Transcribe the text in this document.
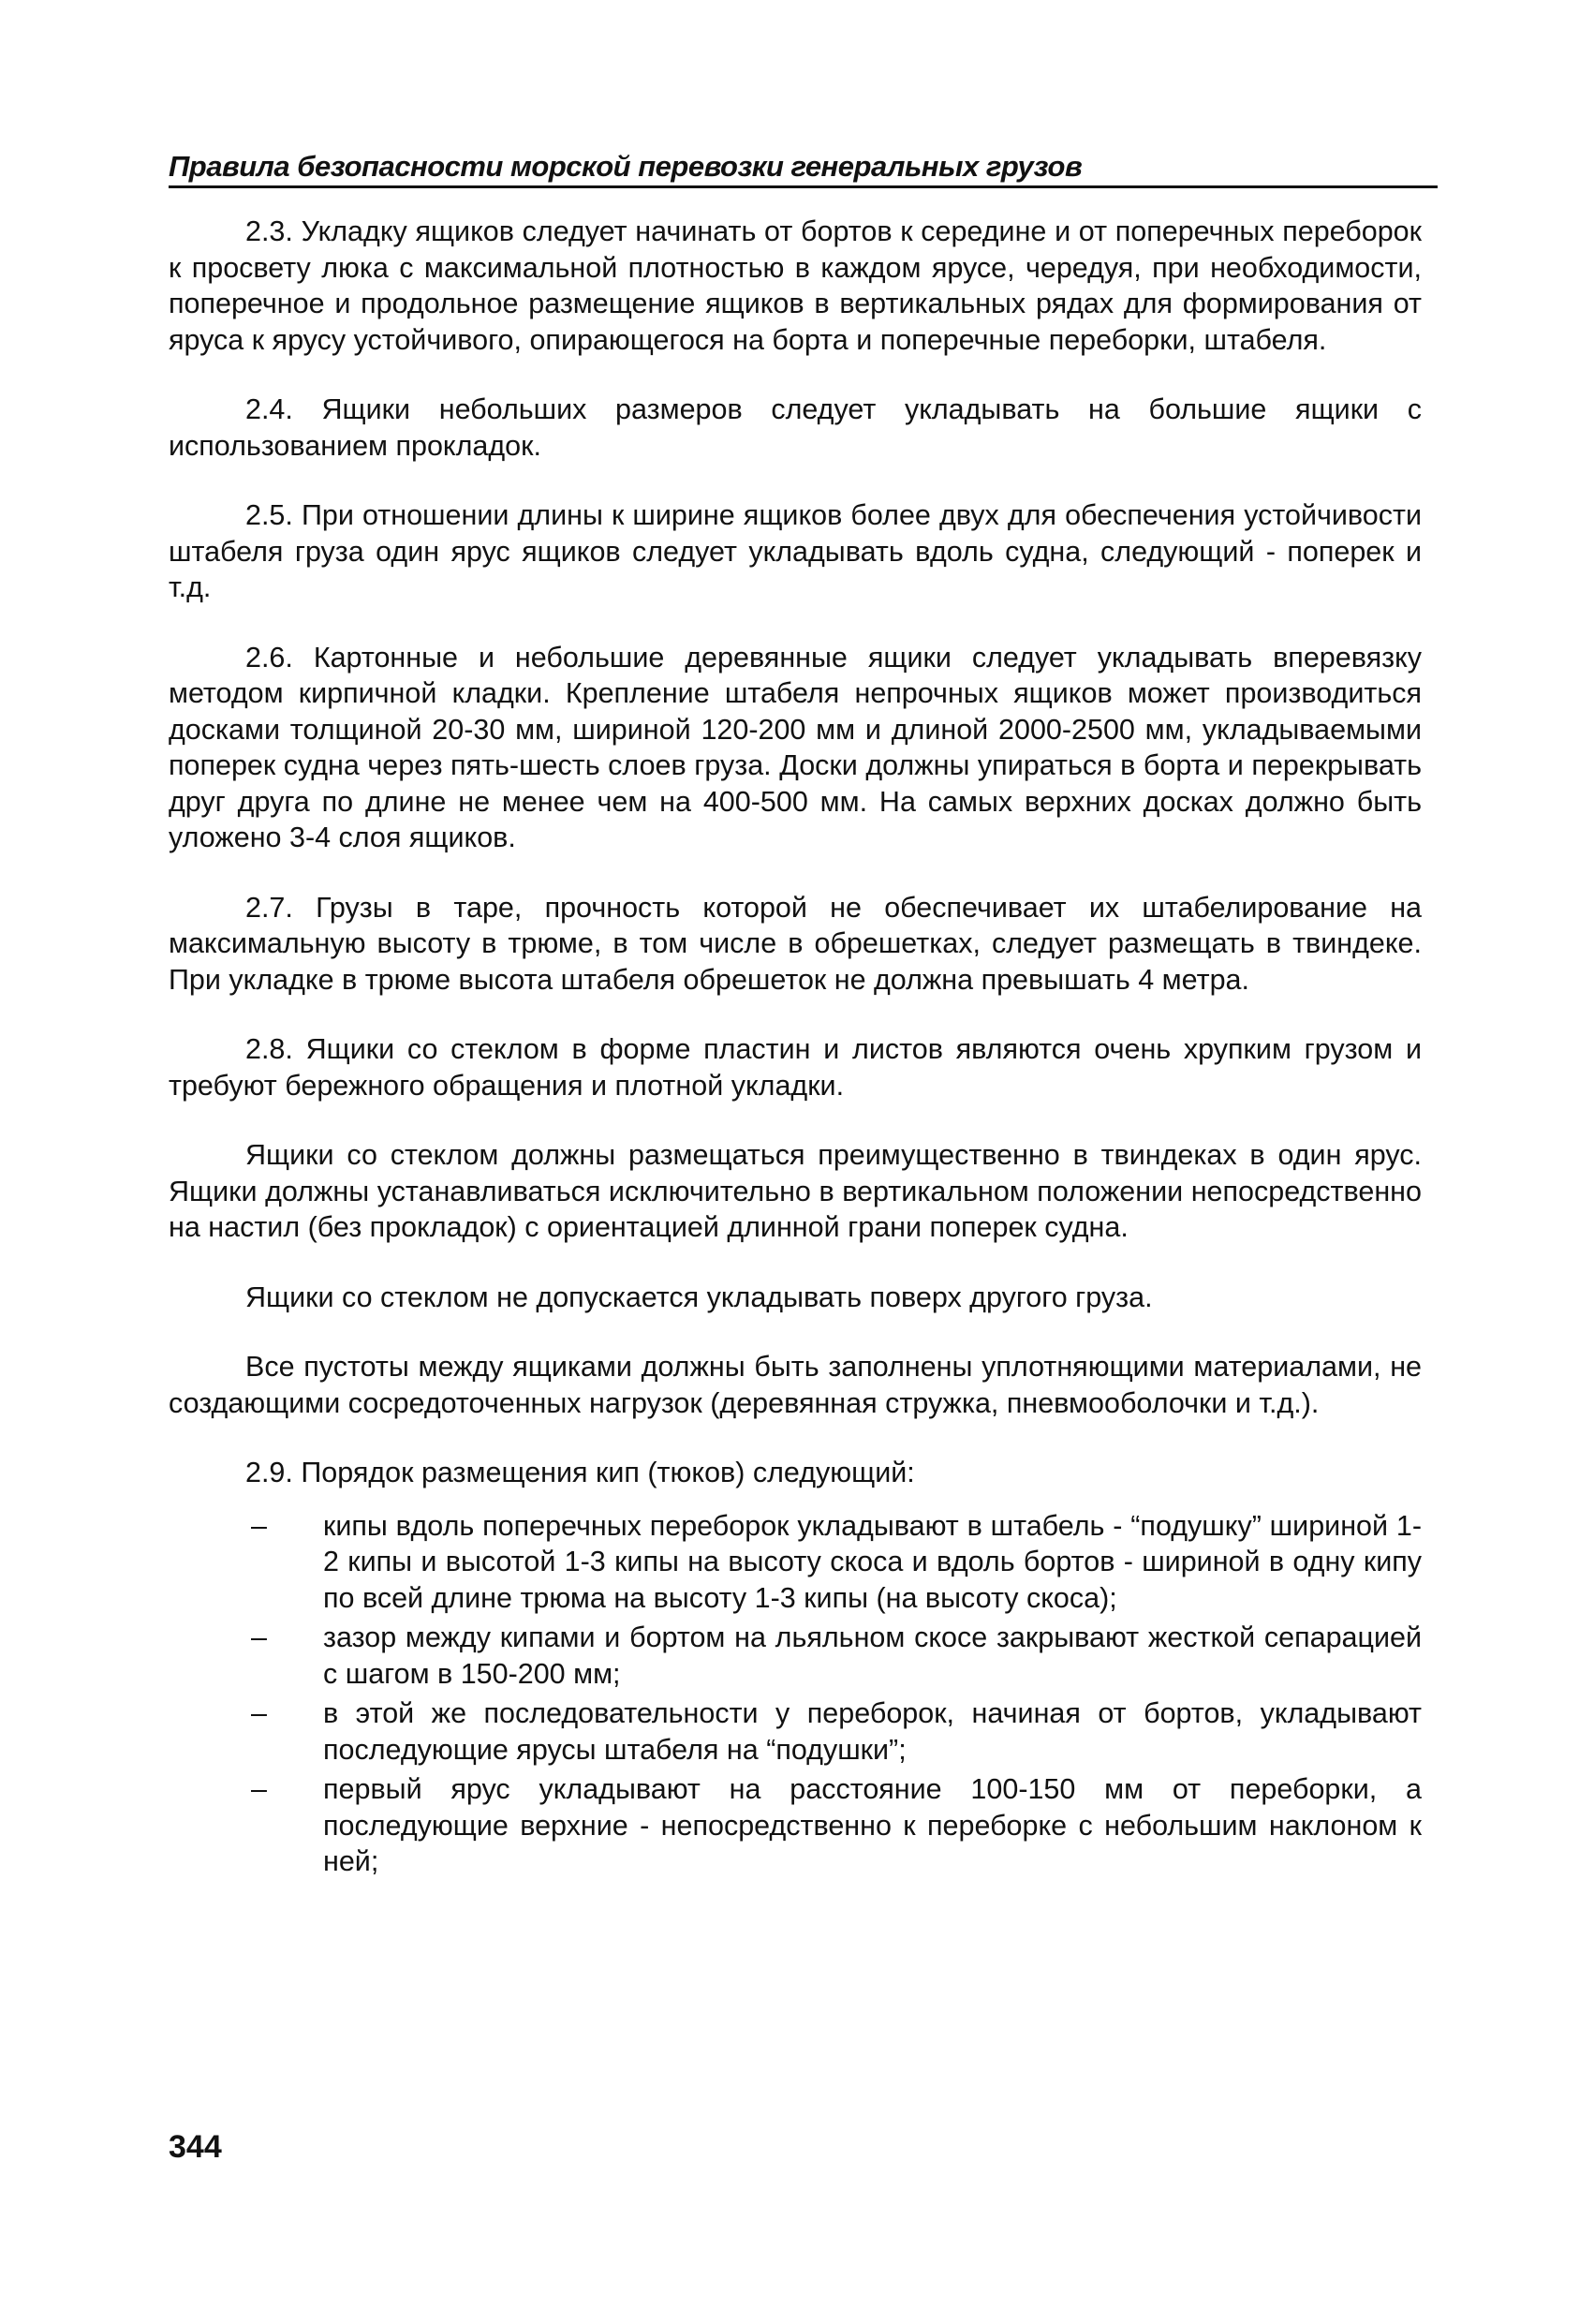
Правила безопасности морской перевозки генеральных грузов

2.3. Укладку ящиков следует начинать от бортов к середине и от поперечных переборок к просвету люка с максимальной плотностью в каждом ярусе, чередуя, при необходимости, поперечное и продольное размещение ящиков в вертикальных рядах для формирования от яруса к ярусу устойчивого, опирающегося на борта и поперечные переборки, штабеля.

2.4. Ящики небольших размеров следует укладывать на большие ящики с использованием прокладок.

2.5. При отношении длины к ширине ящиков более двух для обеспечения устойчивости штабеля груза один ярус ящиков следует укладывать вдоль судна, следующий - поперек и т.д.

2.6. Картонные и небольшие деревянные ящики следует укладывать вперевязку методом кирпичной кладки. Крепление штабеля непрочных ящиков может производиться досками толщиной 20-30 мм, шириной 120-200 мм и длиной 2000-2500 мм, укладываемыми поперек судна через пять-шесть слоев груза. Доски должны упираться в борта и перекрывать друг друга по длине не менее чем на 400-500 мм. На самых верхних досках должно быть уложено 3-4 слоя ящиков.

2.7. Грузы в таре, прочность которой не обеспечивает их штабелирование на максимальную высоту в трюме, в том числе в обрешетках, следует размещать в твиндеке. При укладке в трюме высота штабеля обрешеток не должна превышать 4 метра.

2.8. Ящики со стеклом в форме пластин и листов являются очень хрупким грузом и требуют бережного обращения и плотной укладки.

Ящики со стеклом должны размещаться преимущественно в твиндеках в один ярус. Ящики должны устанавливаться исключительно в вертикальном положении непосредственно на настил (без прокладок) с ориентацией длинной грани поперек судна.

Ящики со стеклом не допускается укладывать поверх другого груза.

Все пустоты между ящиками должны быть заполнены уплотняющими материалами, не создающими сосредоточенных нагрузок (деревянная стружка, пневмооболочки и т.д.).

2.9. Порядок размещения кип (тюков) следующий:

– кипы вдоль поперечных переборок укладывают в штабель - “подушку” шириной 1-2 кипы и высотой 1-3 кипы на высоту скоса и вдоль бортов - шириной в одну кипу по всей длине трюма на высоту 1-3 кипы (на высоту скоса);
– зазор между кипами и бортом на льяльном скосе закрывают жесткой сепарацией с шагом в 150-200 мм;
– в этой же последовательности у переборок, начиная от бортов, укладывают последующие ярусы штабеля на “подушки”;
– первый ярус укладывают на расстояние 100-150 мм от переборки, а последующие верхние - непосредственно к переборке с небольшим наклоном к ней;
344
